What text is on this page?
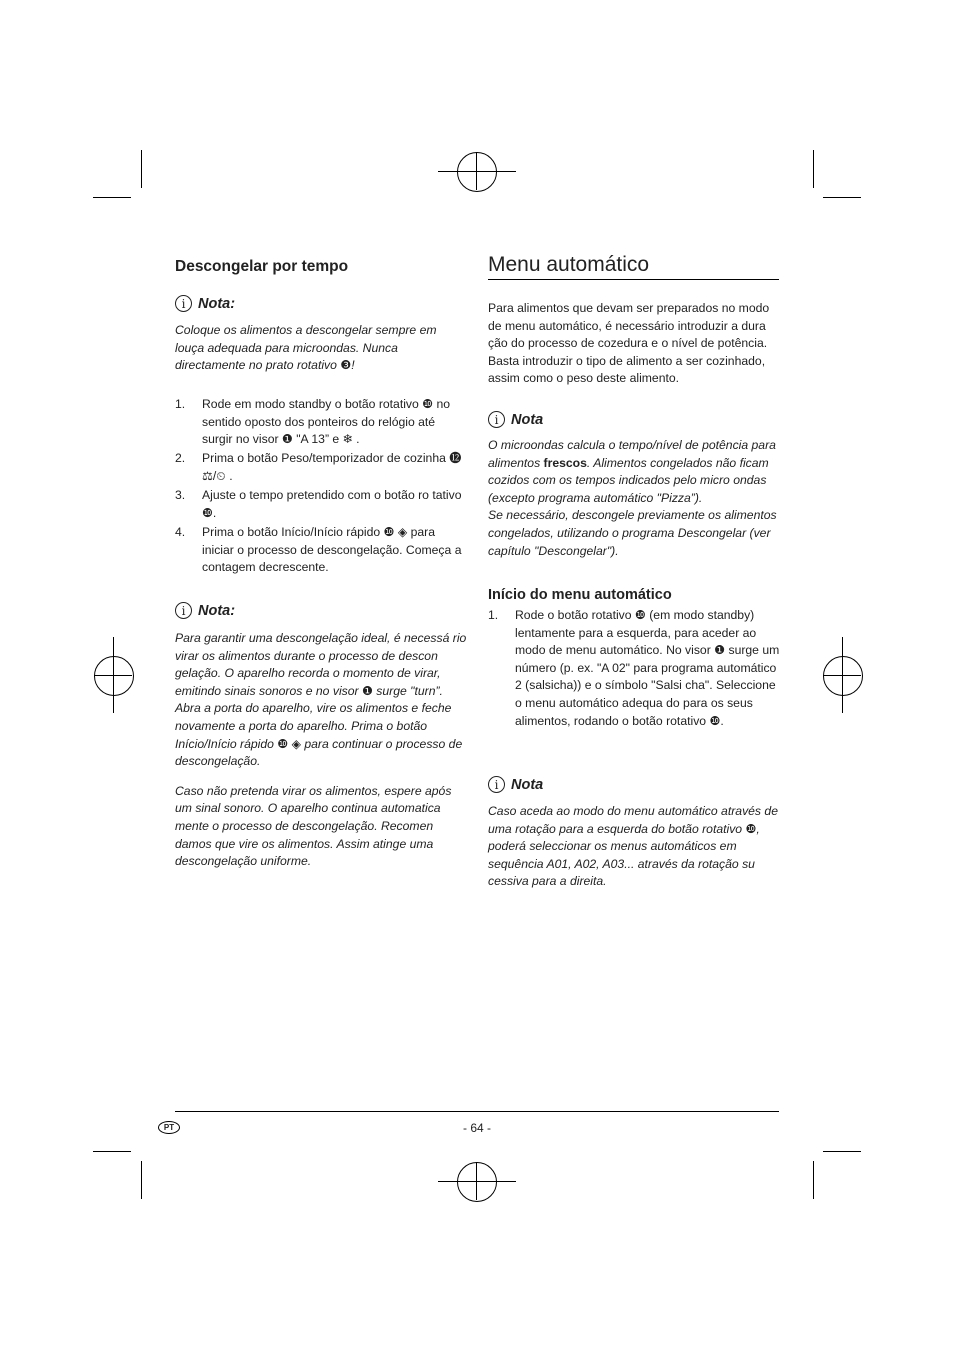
Descongelar por tempo
i Nota:
Coloque os alimentos a descongelar sempre em louça adequada para microondas. Nunca directamente no prato rotativo ❸!
1. Rode em modo standby o botão rotativo ❿ no sentido oposto dos ponteiros do relógio até surgir no visor ❶ "A 13” e ❄ .
2. Prima o botão Peso/temporizador de cozinha ⓬ ⚖/⏲ .
3. Ajuste o tempo pretendido com o botão ro tativo ❿.
4. Prima o botão Início/Início rápido ❿ ◈ para iniciar o processo de descongelação. Começa a contagem decrescente.
i Nota:

Para garantir uma descongelação ideal, é necessá rio virar os alimentos durante o processo de descon gelação. O aparelho recorda o momento de virar, emitindo sinais sonoros e no visor ❶ surge "turn”. Abra a porta do aparelho, vire os alimentos e feche novamente a porta do aparelho. Prima o botão Início/Início rápido ❿ ◈ para continuar o processo de descongelação.

Caso não pretenda virar os alimentos, espere após um sinal sonoro. O aparelho continua automatica mente o processo de descongelação. Recomen damos que vire os alimentos. Assim atinge uma descongelação uniforme.

Menu automático
Para alimentos que devam ser preparados no modo de menu automático, é necessário introduzir a dura ção do processo de cozedura e o nível de potência. Basta introduzir o tipo de alimento a ser cozinhado, assim como o peso deste alimento.
i Nota
O microondas calcula o tempo/nível de potência para alimentos frescos. Alimentos congelados não ficam cozidos com os tempos indicados pelo micro ondas (excepto programa automático "Pizza”).
Se necessário, descongele previamente os alimentos congelados, utilizando o programa Descongelar (ver capítulo "Descongelar").
Início do menu automático
1. Rode o botão rotativo ❿ (em modo standby) lentamente para a esquerda, para aceder ao modo de menu automático. No visor ❶ surge um número (p. ex. "A 02" para programa automático 2 (salsicha)) e o símbolo "Salsi cha". Seleccione o menu automático adequa do para os seus alimentos, rodando o botão rotativo ❿.
i Nota
Caso aceda ao modo do menu automático através de uma rotação para a esquerda do botão rotativo ❿, poderá seleccionar os menus automáticos em sequência A01, A02, A03... através da rotação su cessiva para a direita.
PT	- 64 -
